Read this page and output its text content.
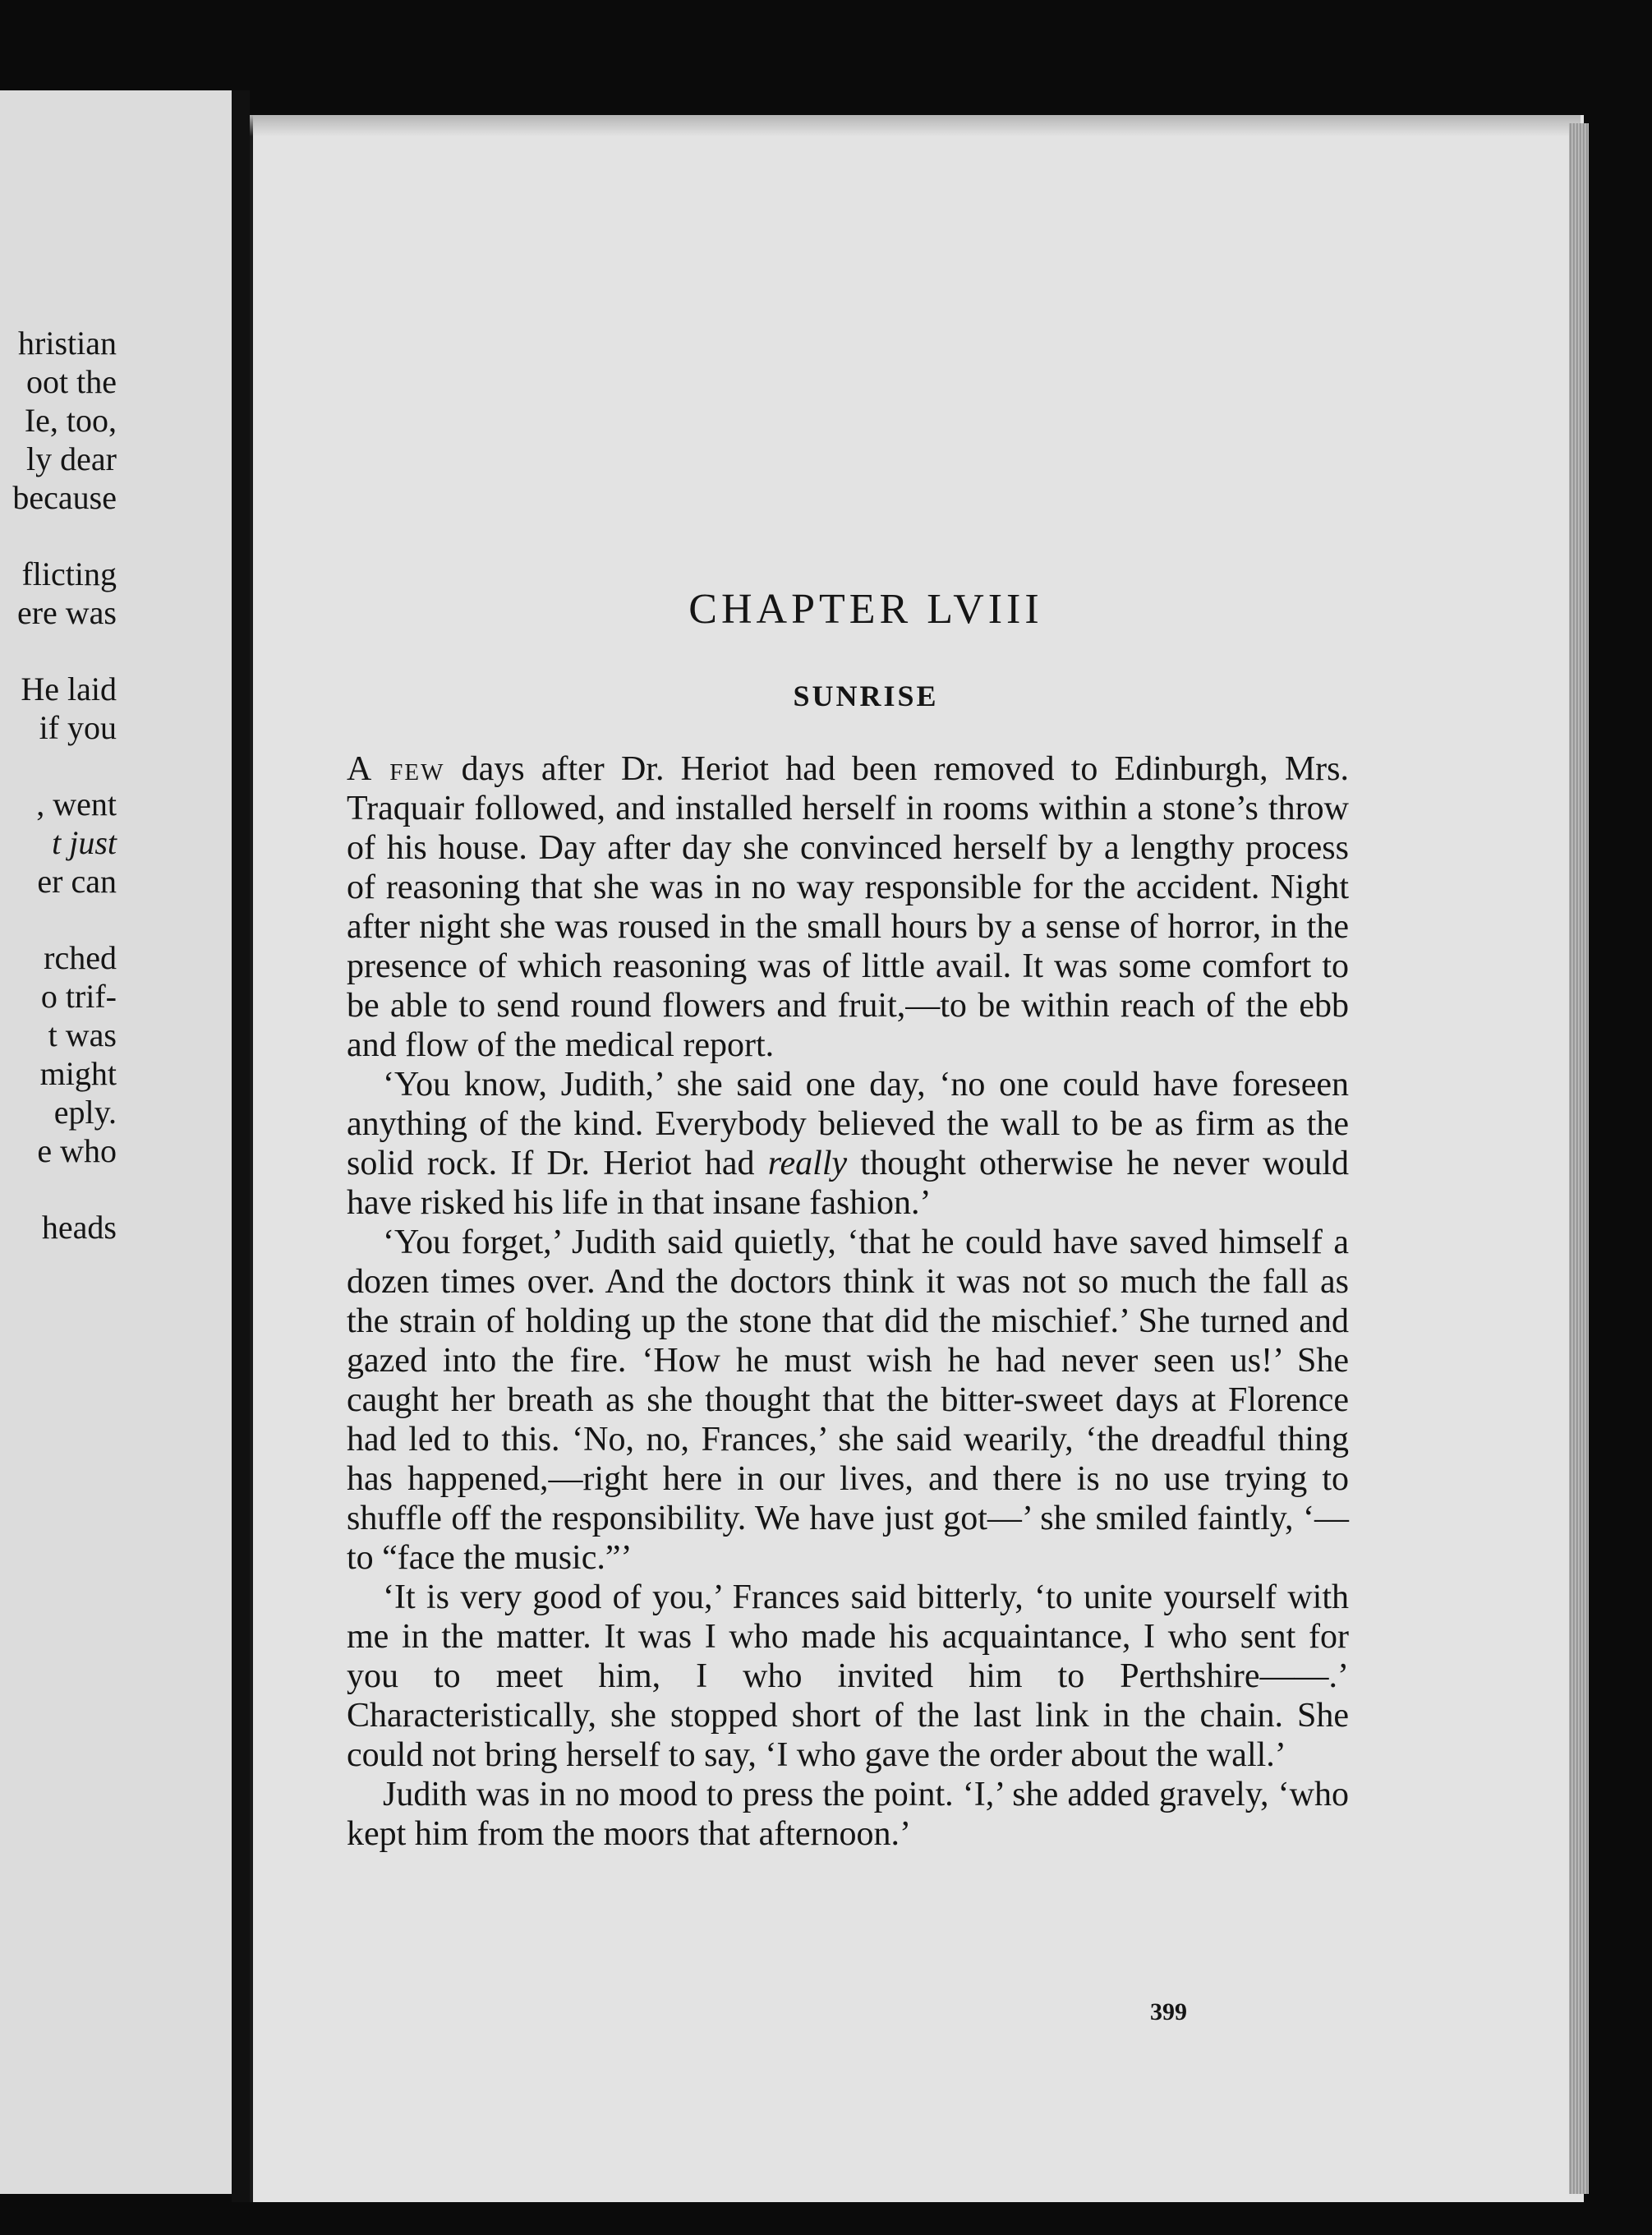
hristian
oot the
Ie, too,
ly dear
because
flicting
ere was
He laid
if you
, went
t just
er can
rched
o trif-
t was
might
eply.
e who
heads
CHAPTER LVIII
SUNRISE

A few days after Dr. Heriot had been removed to Edinburgh, Mrs. Traquair followed, and installed herself in rooms within a stone’s throw of his house. Day after day she convinced herself by a lengthy process of reasoning that she was in no way responsible for the accident. Night after night she was roused in the small hours by a sense of horror, in the presence of which reasoning was of little avail. It was some comfort to be able to send round flowers and fruit,—to be within reach of the ebb and flow of the medical report.

‘You know, Judith,’ she said one day, ‘no one could have foreseen anything of the kind. Everybody believed the wall to be as firm as the solid rock. If Dr. Heriot had really thought otherwise he never would have risked his life in that insane fashion.’

‘You forget,’ Judith said quietly, ‘that he could have saved himself a dozen times over. And the doctors think it was not so much the fall as the strain of holding up the stone that did the mischief.’ She turned and gazed into the fire. ‘How he must wish he had never seen us!’ She caught her breath as she thought that the bitter-sweet days at Florence had led to this. ‘No, no, Frances,’ she said wearily, ‘the dreadful thing has happened,—right here in our lives, and there is no use trying to shuffle off the responsibility. We have just got—’ she smiled faintly, ‘—to “face the music.”’

‘It is very good of you,’ Frances said bitterly, ‘to unite yourself with me in the matter. It was I who made his acquaintance, I who sent for you to meet him, I who invited him to Perthshire——.’ Characteristically, she stopped short of the last link in the chain. She could not bring herself to say, ‘I who gave the order about the wall.’

Judith was in no mood to press the point. ‘I,’ she added gravely, ‘who kept him from the moors that afternoon.’

399
